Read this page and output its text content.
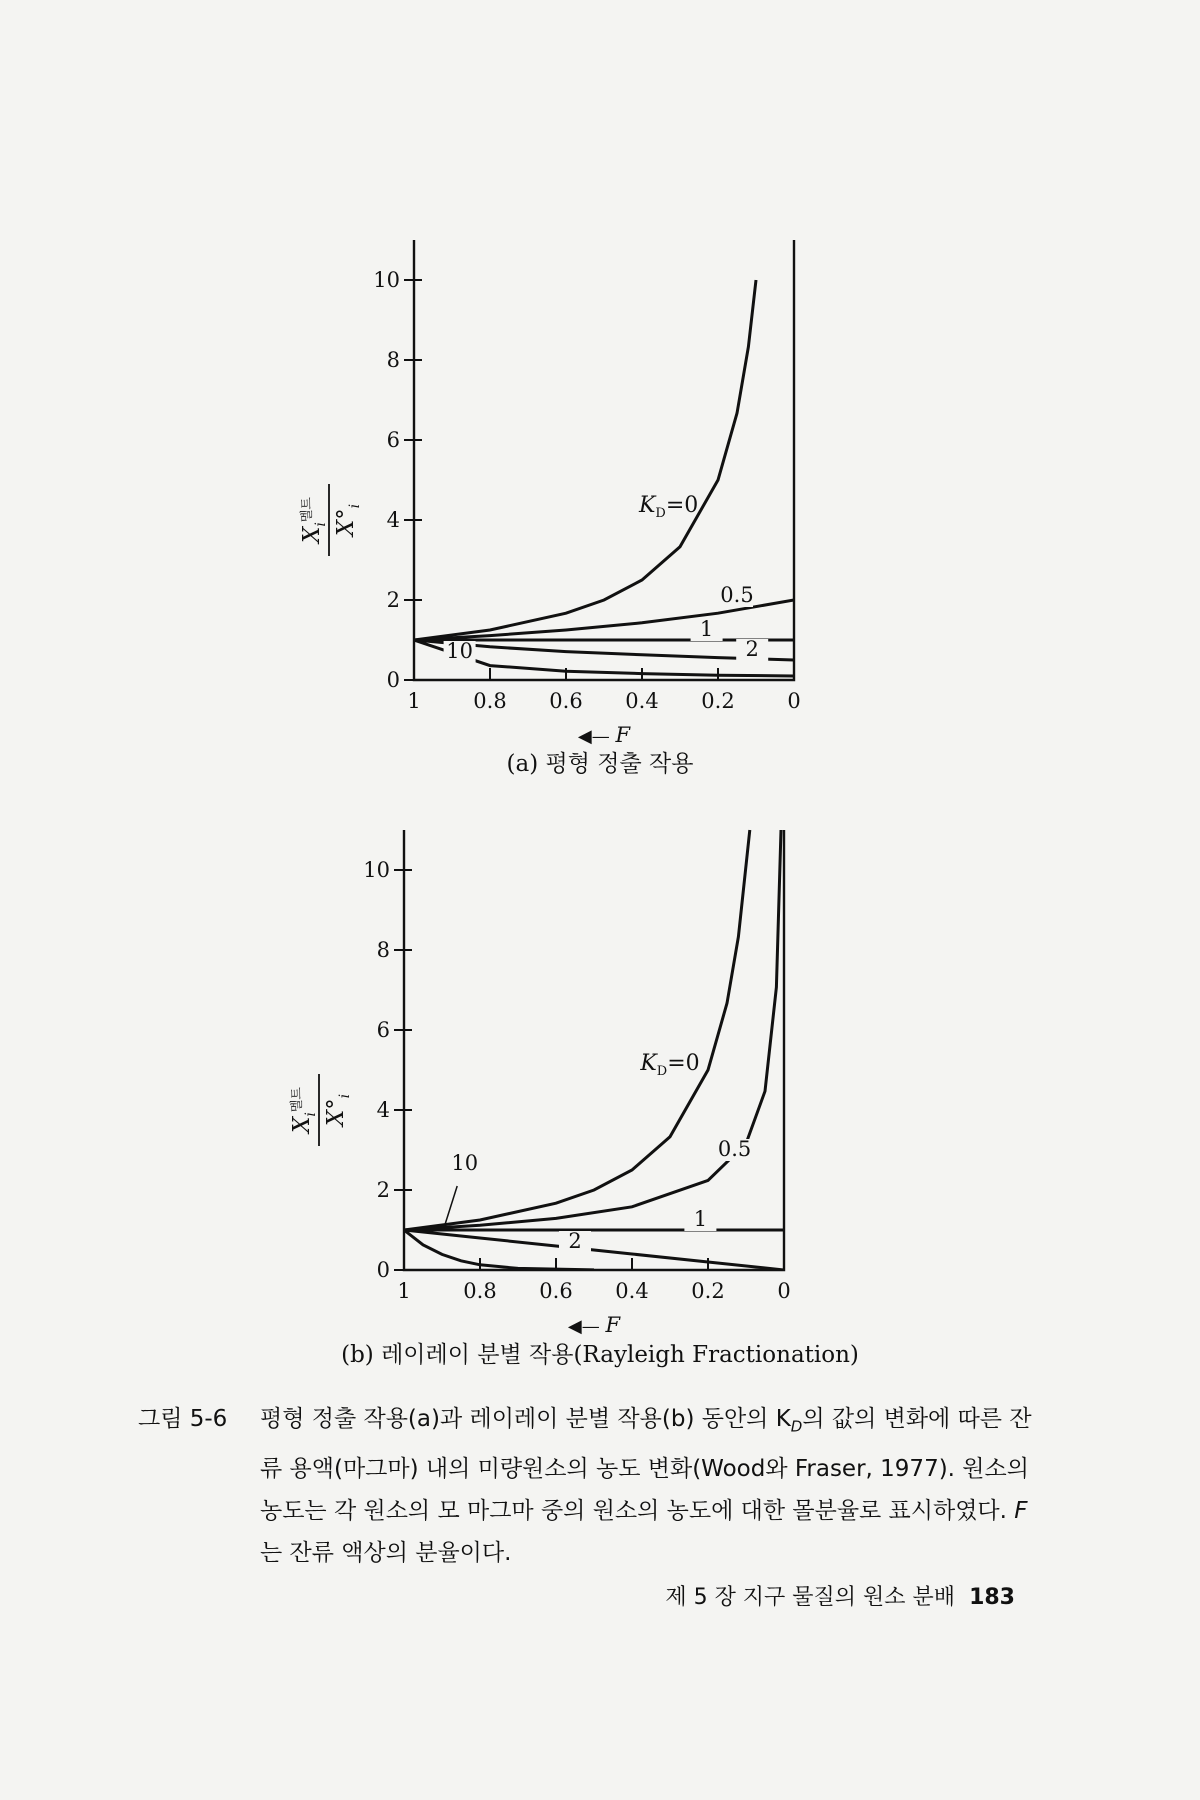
1	0.8 0.6 0.4 0.2	0
0
2
4
6
8
10
$X_i^{멜트}$ $X^\circ_i$
◀— F
$K_D=0$
0.5
1
2
10
(a) 평형 정출 작용
1	0.8 0.6 0.4 0.2	0
0
2
4
6
8
10
$X_i^{멜트}$ $X^\circ_i$
◀— F
$K_D=0$
0.5
1
2
10
(b) 레이레이 분별 작용(Rayleigh Fractionation)
그림 5-6	평형 정출 작용(a)과 레이레이 분별 작용(b) 동안의 $K_D$의 값의 변화에 따른 잔류 용액(마그마) 내의 미량원소의 농도 변화(Wood와 Fraser, 1977). 원소의 농도는 각 원소의 모 마그마 중의 원소의 농도에 대한 몰분율로 표시하였다. F는 잔류 액상의 분율이다.
제 5 장 지구 물질의 원소 분배 183
